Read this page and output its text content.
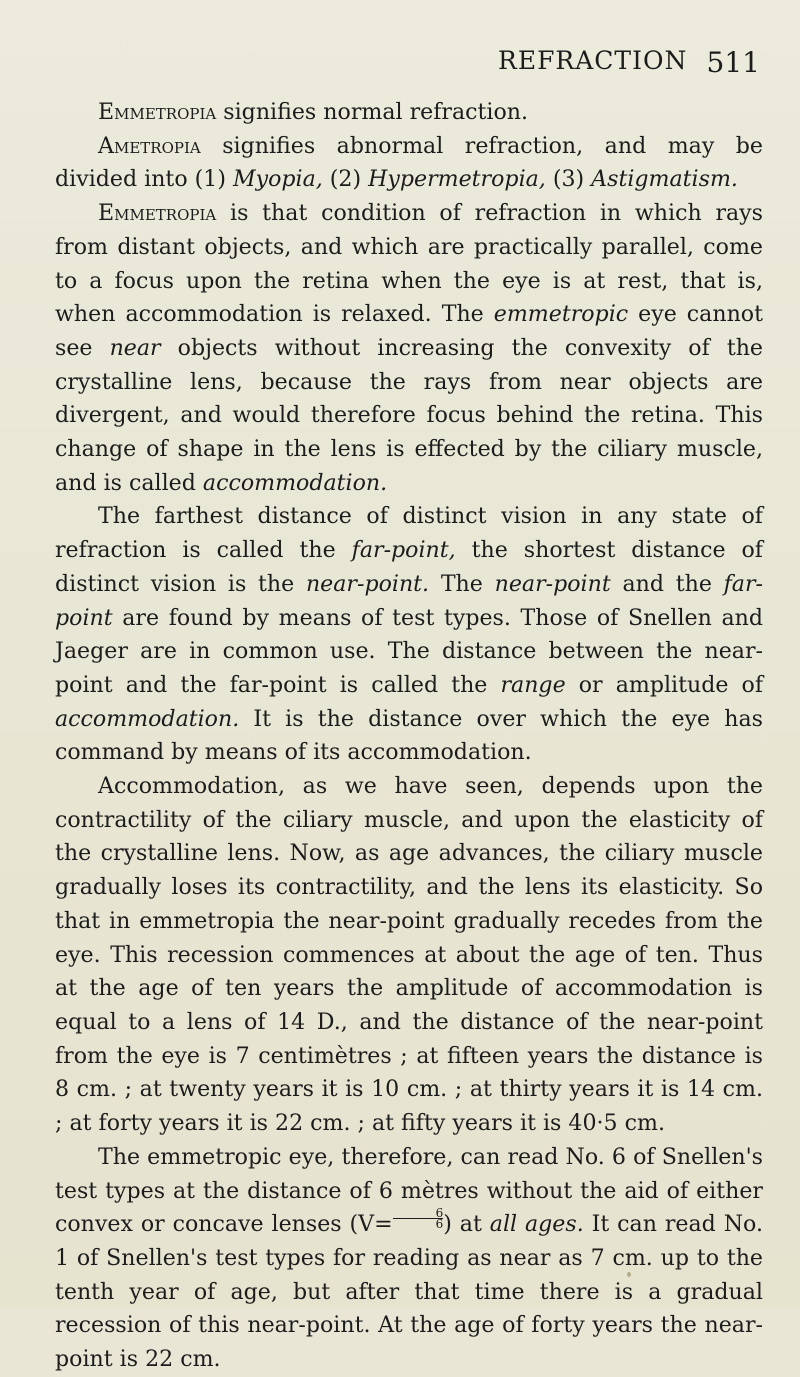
REFRACTION 511

Emmetropia signifies normal refraction.

Ametropia signifies abnormal refraction, and may be divided into (1) Myopia, (2) Hypermetropia, (3) Astigmatism.

Emmetropia is that condition of refraction in which rays from distant objects, and which are practically parallel, come to a focus upon the retina when the eye is at rest, that is, when accommodation is relaxed. The emmetropic eye cannot see near objects without increasing the convexity of the crystalline lens, because the rays from near objects are divergent, and would therefore focus behind the retina. This change of shape in the lens is effected by the ciliary muscle, and is called accommodation.

The farthest distance of distinct vision in any state of refraction is called the far-point, the shortest distance of distinct vision is the near-point. The near-point and the far-point are found by means of test types. Those of Snellen and Jaeger are in common use. The distance between the near-point and the far-point is called the range or amplitude of accommodation. It is the distance over which the eye has command by means of its accommodation.

Accommodation, as we have seen, depends upon the contractility of the ciliary muscle, and upon the elasticity of the crystalline lens. Now, as age advances, the ciliary muscle gradually loses its contractility, and the lens its elasticity. So that in emmetropia the near-point gradually recedes from the eye. This recession commences at about the age of ten. Thus at the age of ten years the amplitude of accommodation is equal to a lens of 14 D., and the distance of the near-point from the eye is 7 centimètres ; at fifteen years the distance is 8 cm. ; at twenty years it is 10 cm. ; at thirty years it is 14 cm. ; at forty years it is 22 cm. ; at fifty years it is 40·5 cm.

The emmetropic eye, therefore, can read No. 6 of Snellen's test types at the distance of 6 mètres without the aid of either convex or concave lenses ($V= \frac{6}{6}$ ) at all ages. It can read No. 1 of Snellen's test types for reading as near as 7 cm. up to the tenth year of age, but after that time there is a gradual recession of this near-point. At the age of forty years the near-point is 22 cm.
